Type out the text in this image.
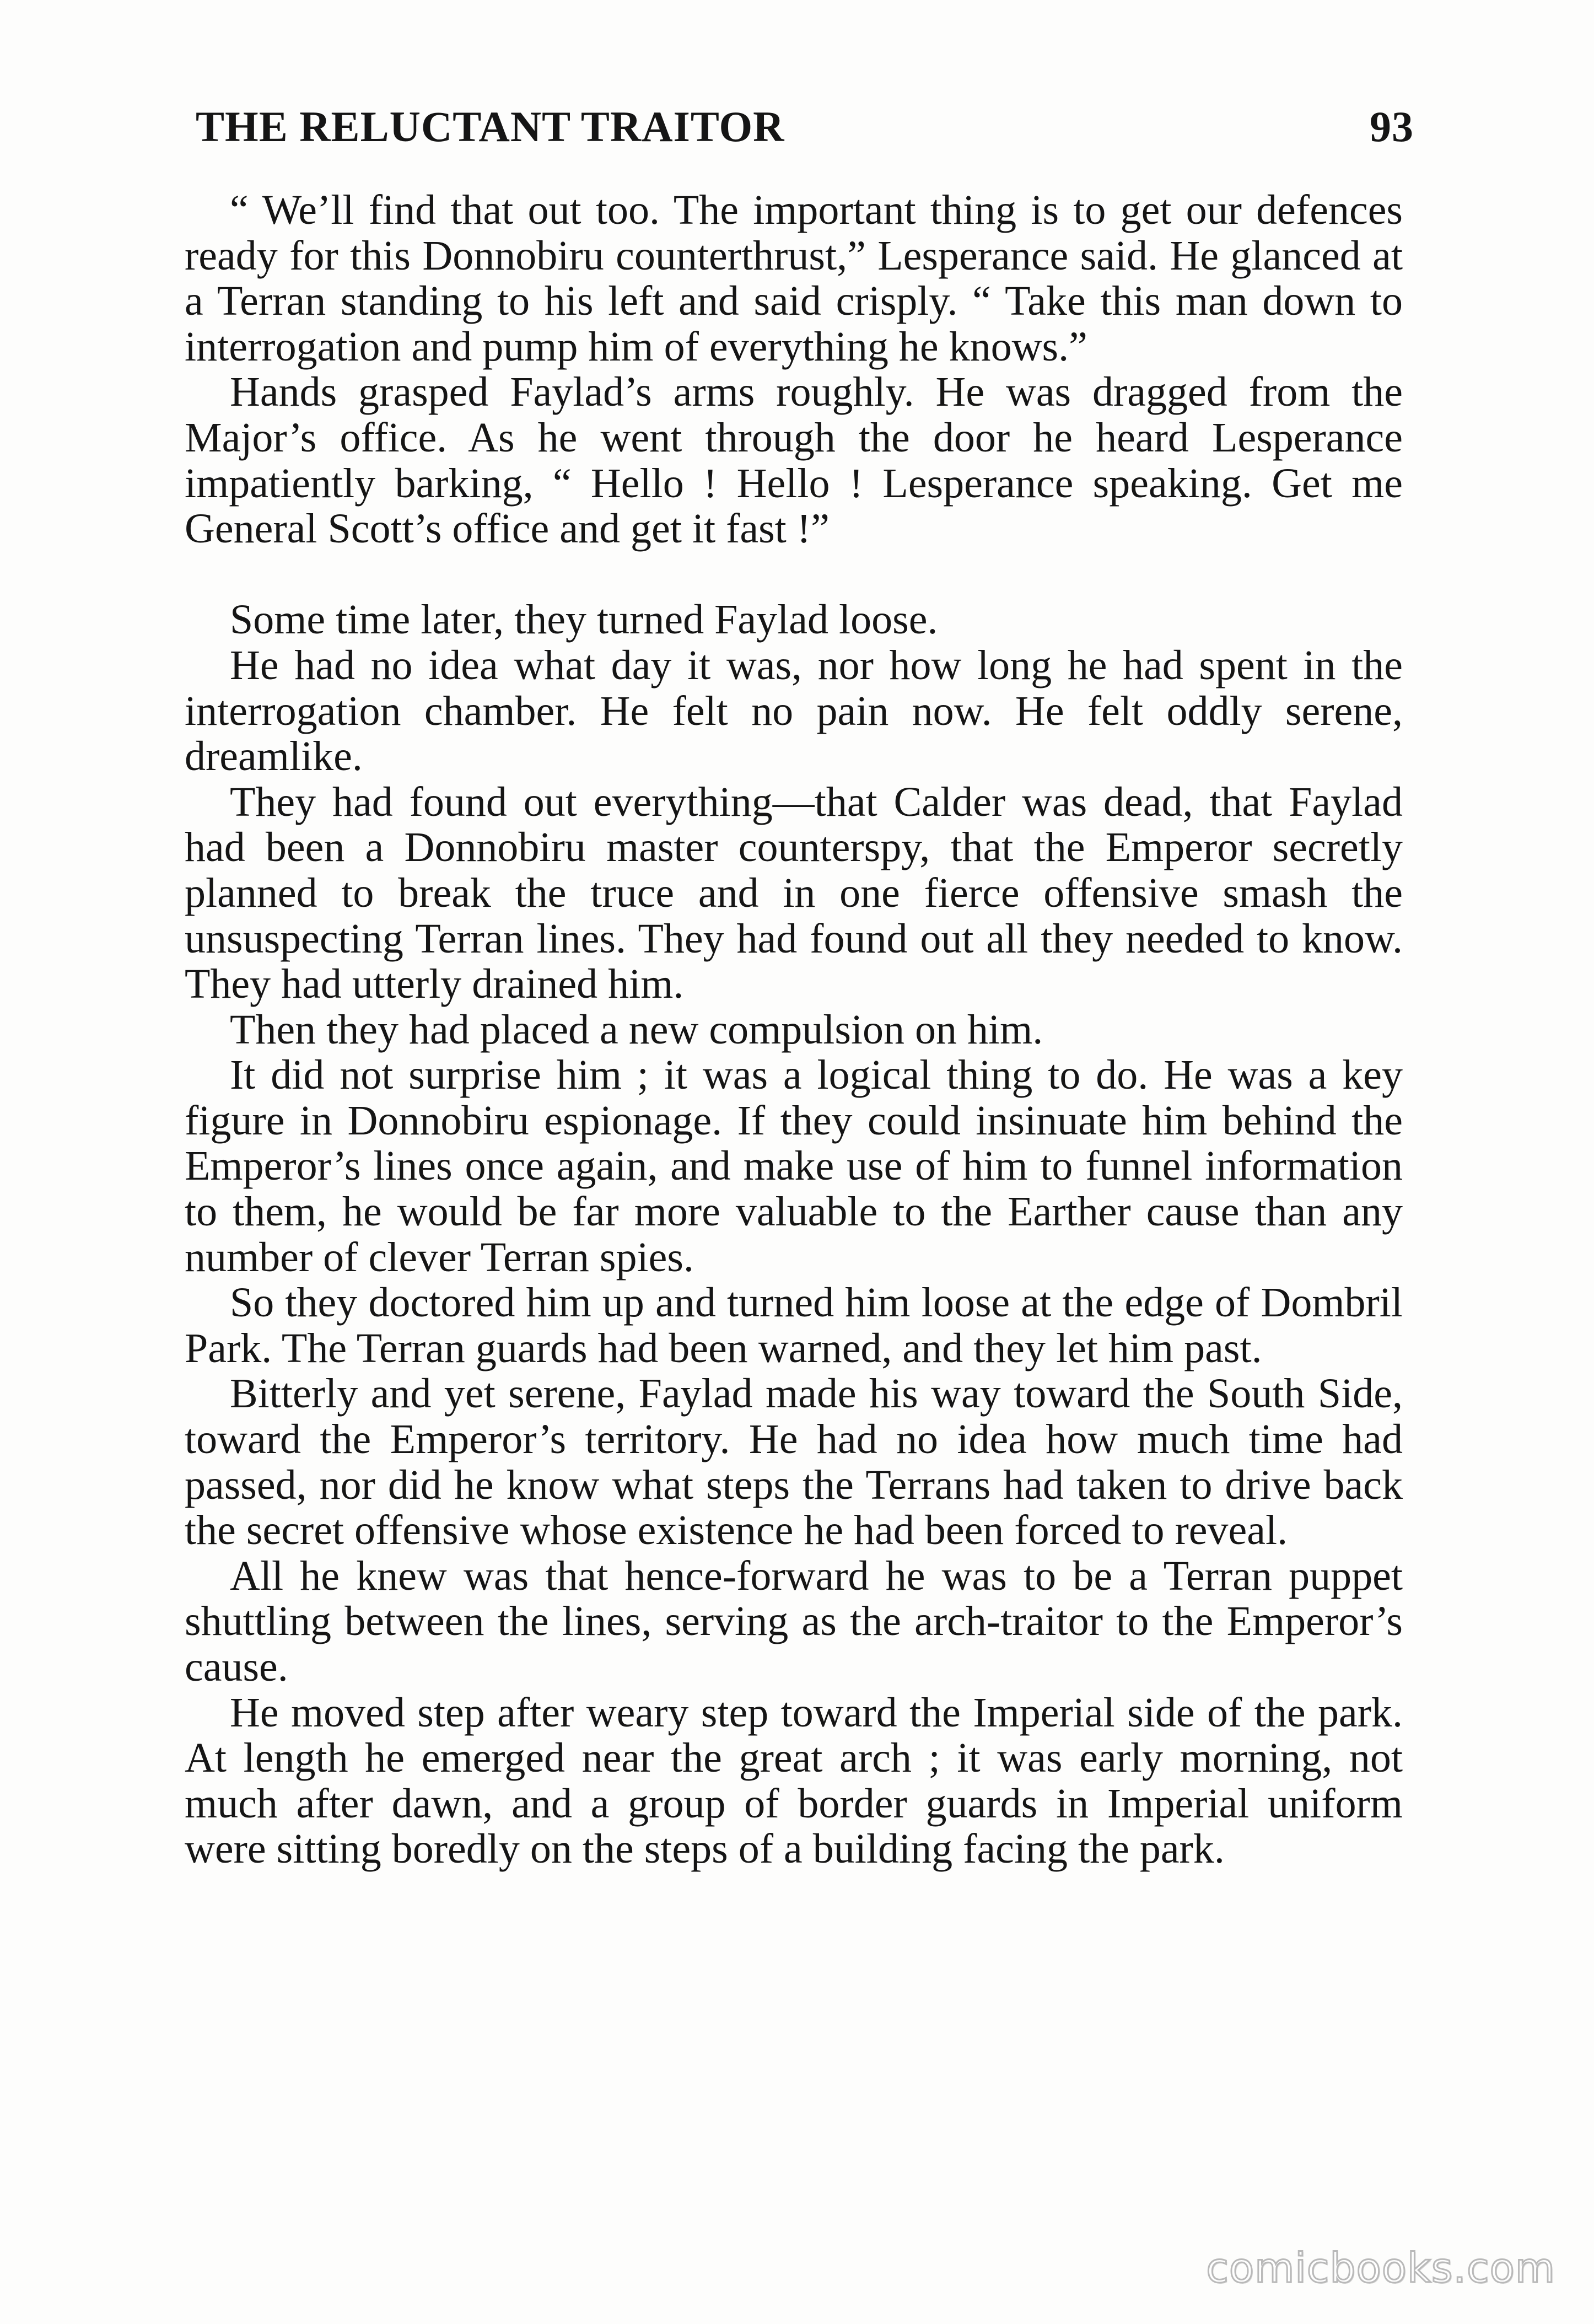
THE RELUCTANT TRAITOR	93

“ We’ll find that out too. The important thing is to get our defences ready for this Donnobiru counterthrust,” Lesperance said. He glanced at a Terran standing to his left and said crisply. “ Take this man down to interrogation and pump him of everything he knows.”

Hands grasped Faylad’s arms roughly. He was dragged from the Major’s office. As he went through the door he heard Lesperance impatiently barking, “ Hello ! Hello ! Lesperance speaking. Get me General Scott’s office and get it fast !”

Some time later, they turned Faylad loose.

He had no idea what day it was, nor how long he had spent in the interrogation chamber. He felt no pain now. He felt oddly serene, dreamlike.

They had found out everything—that Calder was dead, that Faylad had been a Donnobiru master counterspy, that the Emperor secretly planned to break the truce and in one fierce offensive smash the unsuspecting Terran lines. They had found out all they needed to know. They had utterly drained him.

Then they had placed a new compulsion on him.

It did not surprise him ; it was a logical thing to do. He was a key figure in Donnobiru espionage. If they could insinuate him behind the Emperor’s lines once again, and make use of him to funnel information to them, he would be far more valuable to the Earther cause than any number of clever Terran spies.

So they doctored him up and turned him loose at the edge of Dombril Park. The Terran guards had been warned, and they let him past.

Bitterly and yet serene, Faylad made his way toward the South Side, toward the Emperor’s territory. He had no idea how much time had passed, nor did he know what steps the Terrans had taken to drive back the secret offensive whose existence he had been forced to reveal.

All he knew was that hence-forward he was to be a Terran puppet shuttling between the lines, serving as the arch-traitor to the Emperor’s cause.

He moved step after weary step toward the Imperial side of the park. At length he emerged near the great arch ; it was early morning, not much after dawn, and a group of border guards in Imperial uniform were sitting boredly on the steps of a building facing the park.

comicbooks.com
